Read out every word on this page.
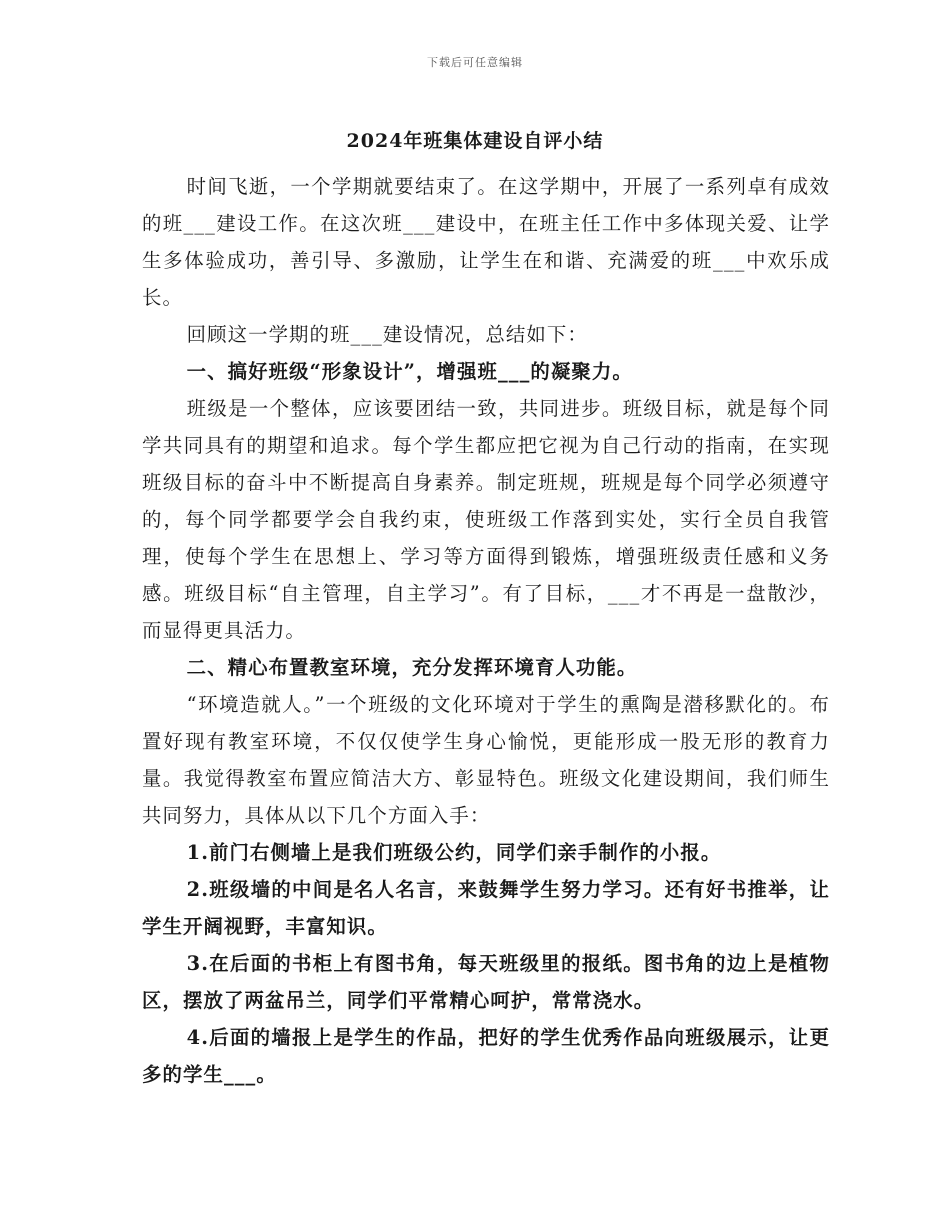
下载后可任意编辑
2024年班集体建设自评小结

时间飞逝，一个学期就要结束了。在这学期中，开展了一系列卓有成效的班___建设工作。在这次班___建设中，在班主任工作中多体现关爱、让学生多体验成功，善引导、多激励，让学生在和谐、充满爱的班___中欢乐成长。

回顾这一学期的班___建设情况，总结如下：

一、搞好班级“形象设计”，增强班___的凝聚力。

班级是一个整体，应该要团结一致，共同进步。班级目标，就是每个同学共同具有的期望和追求。每个学生都应把它视为自己行动的指南，在实现班级目标的奋斗中不断提高自身素养。制定班规，班规是每个同学必须遵守的，每个同学都要学会自我约束，使班级工作落到实处，实行全员自我管理，使每个学生在思想上、学习等方面得到锻炼，增强班级责任感和义务感。班级目标“自主管理，自主学习”。有了目标，___才不再是一盘散沙，而显得更具活力。

二、精心布置教室环境，充分发挥环境育人功能。

“环境造就人。”一个班级的文化环境对于学生的熏陶是潜移默化的。布置好现有教室环境，不仅仅使学生身心愉悦，更能形成一股无形的教育力量。我觉得教室布置应简洁大方、彰显特色。班级文化建设期间，我们师生共同努力，具体从以下几个方面入手：

1.前门右侧墙上是我们班级公约，同学们亲手制作的小报。

2.班级墙的中间是名人名言，来鼓舞学生努力学习。还有好书推举，让学生开阔视野，丰富知识。

3.在后面的书柜上有图书角，每天班级里的报纸。图书角的边上是植物区，摆放了两盆吊兰，同学们平常精心呵护，常常浇水。

4.后面的墙报上是学生的作品，把好的学生优秀作品向班级展示，让更多的学生___。
